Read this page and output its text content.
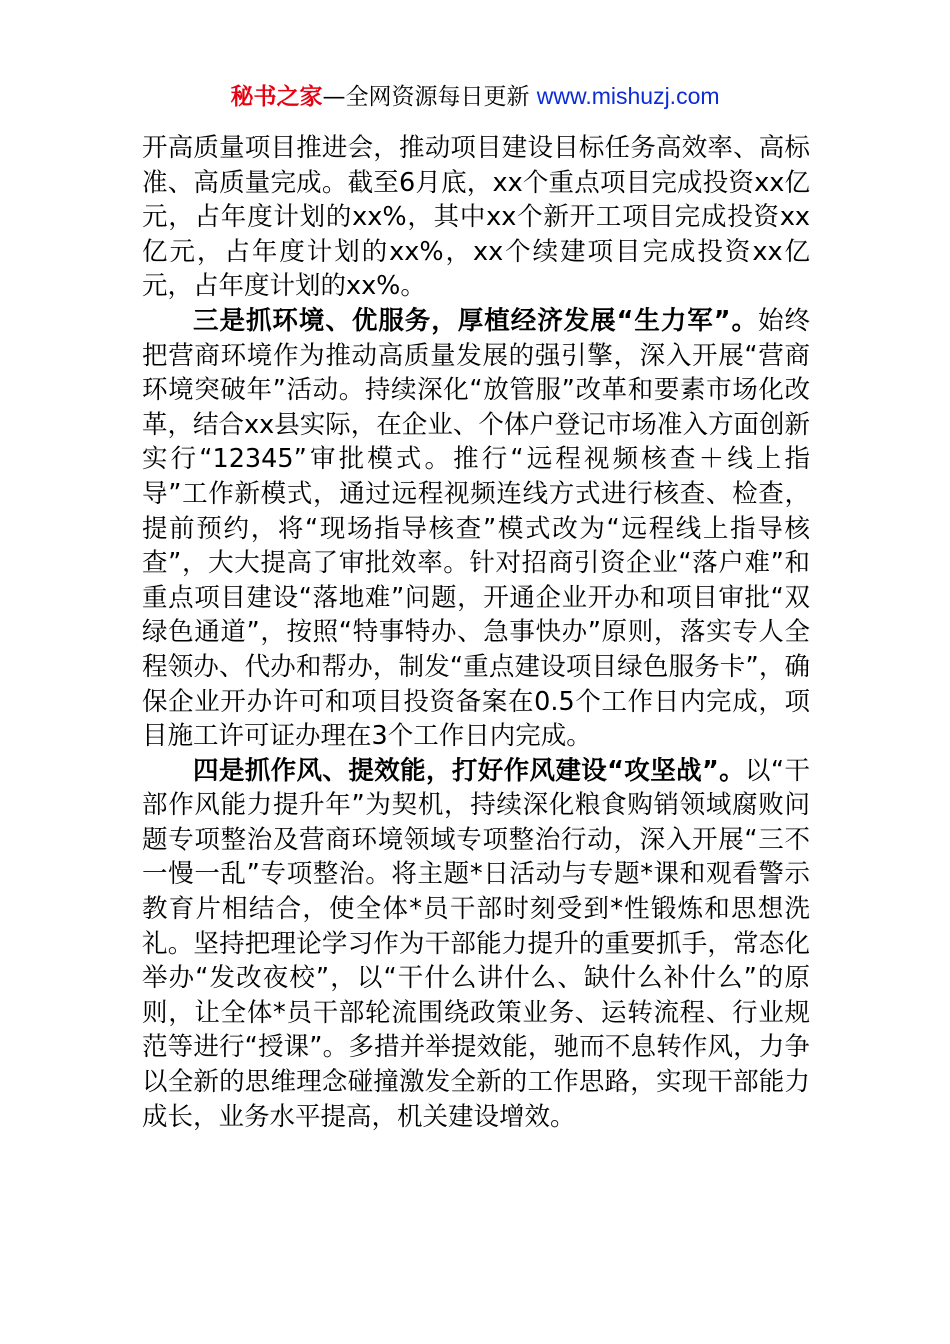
秘书之家—全网资源每日更新 www.mishuzj.com

开高质量项目推进会，推动项目建设目标任务高效率、高标准、高质量完成。截至6月底，xx个重点项目完成投资xx亿元，占年度计划的xx%，其中xx个新开工项目完成投资xx亿元，占年度计划的xx%，xx个续建项目完成投资xx亿元，占年度计划的xx%。

三是抓环境、优服务，厚植经济发展“生力军”。始终把营商环境作为推动高质量发展的强引擎，深入开展“营商环境突破年”活动。持续深化“放管服”改革和要素市场化改革，结合xx县实际，在企业、个体户登记市场准入方面创新实行“12345”审批模式。推行“远程视频核查＋线上指导”工作新模式，通过远程视频连线方式进行核查、检查，提前预约，将“现场指导核查”模式改为“远程线上指导核查”，大大提高了审批效率。针对招商引资企业“落户难”和重点项目建设“落地难”问题，开通企业开办和项目审批“双绿色通道”，按照“特事特办、急事快办”原则，落实专人全程领办、代办和帮办，制发“重点建设项目绿色服务卡”，确保企业开办许可和项目投资备案在0.5个工作日内完成，项目施工许可证办理在3个工作日内完成。

四是抓作风、提效能，打好作风建设“攻坚战”。以“干部作风能力提升年”为契机，持续深化粮食购销领域腐败问题专项整治及营商环境领域专项整治行动，深入开展“三不一慢一乱”专项整治。将主题*日活动与专题*课和观看警示教育片相结合，使全体*员干部时刻受到*性锻炼和思想洗礼。坚持把理论学习作为干部能力提升的重要抓手，常态化举办“发改夜校”，以“干什么讲什么、缺什么补什么”的原则，让全体*员干部轮流围绕政策业务、运转流程、行业规范等进行“授课”。多措并举提效能，驰而不息转作风，力争以全新的思维理念碰撞激发全新的工作思路，实现干部能力成长，业务水平提高，机关建设增效。
